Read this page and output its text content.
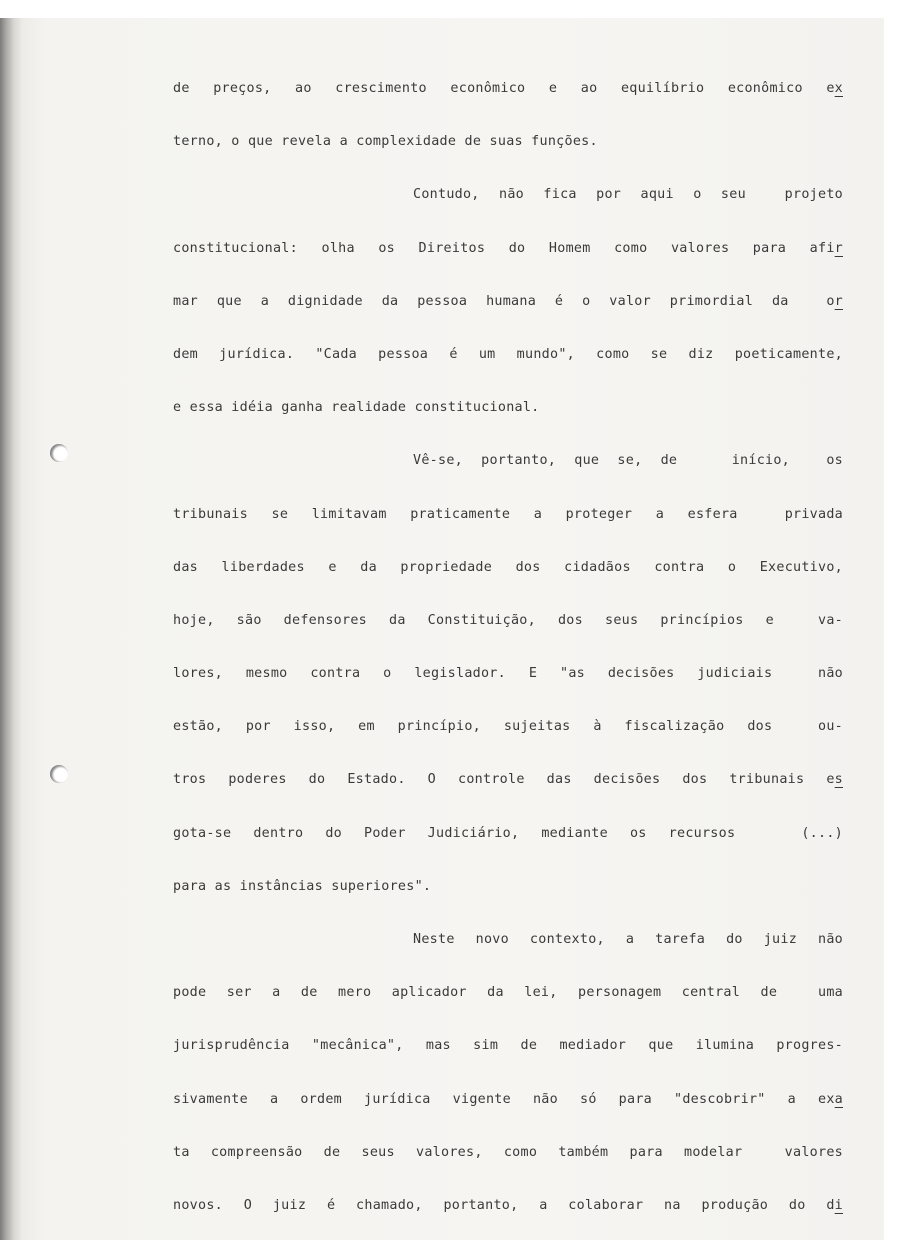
de preços, ao crescimento econômico e ao equilíbrio econômico ex
terno, o que revela a complexidade de suas funções.
Contudo, não fica por aqui o seu  projeto
constitucional: olha os Direitos do Homem como valores para afir
mar que a dignidade da pessoa humana é o valor primordial da  or
dem jurídica. "Cada pessoa é um mundo", como se diz poeticamente,
e essa idéia ganha realidade constitucional.
Vê-se, portanto, que se, de   início,  os
tribunais se limitavam praticamente a proteger a esfera  privada
das liberdades e da propriedade dos cidadãos contra o Executivo,
hoje, são defensores da Constituição, dos seus princípios e  va-
lores, mesmo contra o legislador. E "as decisões judiciais  não
estão, por isso, em princípio, sujeitas à fiscalização dos  ou-
tros poderes do Estado. O controle das decisões dos tribunais es
gota-se dentro do Poder Judiciário, mediante os recursos   (...)
para as instâncias superiores".
Neste novo contexto, a tarefa do juiz não
pode ser a de mero aplicador da lei, personagem central de  uma
jurisprudência "mecânica", mas sim de mediador que ilumina progres-
sivamente a ordem jurídica vigente não só para "descobrir" a exa
ta compreensão de seus valores, como também para modelar  valores
novos. O juiz é chamado, portanto, a colaborar na produção do di
